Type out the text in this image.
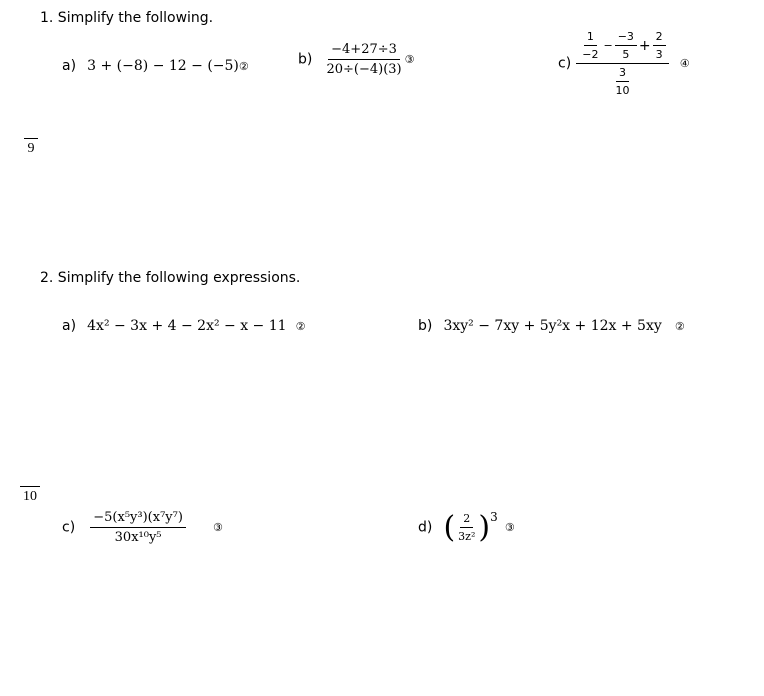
1. Simplify the following.
a) 3 + (−8) − 12 − (−5)②	$b) \frac{-4+27\div 3}{20\div(-4)(3)}$ ③	$c) \frac{\frac{1}{-2} - \frac{-3}{5} + \frac{2}{3}}{\frac{3}{10}}$ ④
9
2. Simplify the following expressions.
a) 4x² − 3x + 4 − 2x² − x − 11 ②	b) 3xy² − 7xy + 5y²x + 12x + 5xy ②
10
$c) \frac{\text{−5(x⁵y³)(x⁷y⁷)}}{\text{30x¹⁰y⁵}}$ ③	d) ( $\frac{2}{\text{3z²}} )^3$ ③
